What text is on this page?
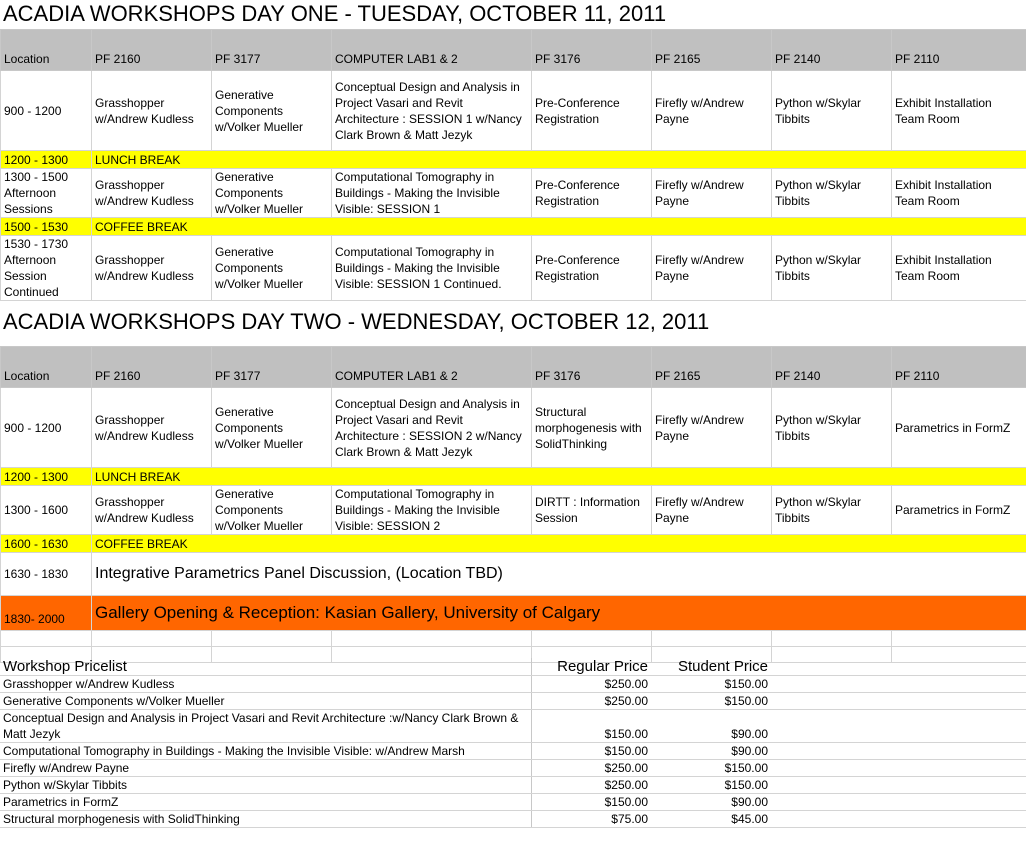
ACADIA WORKSHOPS DAY ONE - TUESDAY, OCTOBER 11, 2011
Location	PF 2160	PF 3177	COMPUTER LAB1 & 2	PF 3176	PF 2165	PF 2140	PF 2110
900 - 1200	Grasshopper w/Andrew Kudless	Generative Components w/Volker Mueller	Conceptual Design and Analysis in Project Vasari and Revit Architecture : SESSION 1 w/Nancy Clark Brown & Matt Jezyk	Pre-Conference Registration	Firefly w/Andrew Payne	Python w/Skylar Tibbits	Exhibit Installation Team Room
1200 - 1300	LUNCH BREAK						
1300 - 1500 Afternoon Sessions	Grasshopper w/Andrew Kudless	Generative Components w/Volker Mueller	Computational Tomography in Buildings - Making the Invisible Visible: SESSION 1	Pre-Conference Registration	Firefly w/Andrew Payne	Python w/Skylar Tibbits	Exhibit Installation Team Room
1500 - 1530	COFFEE BREAK						
1530 - 1730 Afternoon Session Continued	Grasshopper w/Andrew Kudless	Generative Components w/Volker Mueller	Computational Tomography in Buildings - Making the Invisible Visible: SESSION 1 Continued.	Pre-Conference Registration	Firefly w/Andrew Payne	Python w/Skylar Tibbits	Exhibit Installation Team Room
ACADIA WORKSHOPS DAY TWO - WEDNESDAY, OCTOBER 12, 2011
Location	PF 2160	PF 3177	COMPUTER LAB1 & 2	PF 3176	PF 2165	PF 2140	PF 2110
900 - 1200	Grasshopper w/Andrew Kudless	Generative Components w/Volker Mueller	Conceptual Design and Analysis in Project Vasari and Revit Architecture : SESSION 2 w/Nancy Clark Brown & Matt Jezyk	Structural morphogenesis with SolidThinking	Firefly w/Andrew Payne	Python w/Skylar Tibbits	Parametrics in FormZ
1200 - 1300	LUNCH BREAK						
1300 - 1600	Grasshopper w/Andrew Kudless	Generative Components w/Volker Mueller	Computational Tomography in Buildings - Making the Invisible Visible: SESSION 2	DIRTT : Information Session	Firefly w/Andrew Payne	Python w/Skylar Tibbits	Parametrics in FormZ
1600 - 1630	COFFEE BREAK						
1630 - 1830	Integrative Parametrics Panel Discussion, (Location TBD)						
1830- 2000	Gallery Opening & Reception: Kasian Gallery, University of Calgary						

Workshop Pricelist	Regular Price	Student Price	
Grasshopper w/Andrew Kudless	$250.00	$150.00	
Generative Components w/Volker Mueller	$250.00	$150.00	
Conceptual Design and Analysis in Project Vasari and Revit Architecture :w/Nancy Clark Brown & Matt Jezyk	$150.00	$90.00	
Computational Tomography in Buildings - Making the Invisible Visible: w/Andrew Marsh	$150.00	$90.00	
Firefly w/Andrew Payne	$250.00	$150.00	
Python w/Skylar Tibbits	$250.00	$150.00	
Parametrics in FormZ	$150.00	$90.00	
Structural morphogenesis with SolidThinking	$75.00	$45.00	
